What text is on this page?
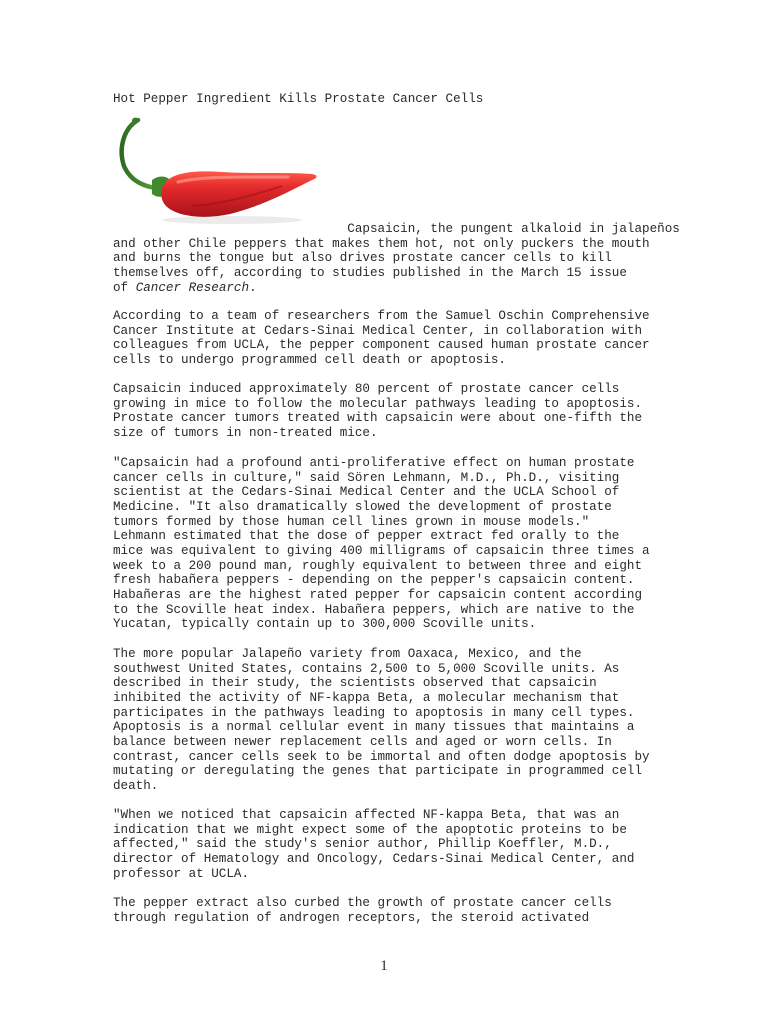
Hot Pepper Ingredient Kills Prostate Cancer Cells
Capsaicin, the pungent alkaloid in jalapeños
and other Chile peppers that makes them hot, not only puckers the mouth
and burns the tongue but also drives prostate cancer cells to kill
themselves off, according to studies published in the March 15 issue
of Cancer Research.
According to a team of researchers from the Samuel Oschin Comprehensive
Cancer Institute at Cedars-Sinai Medical Center, in collaboration with
colleagues from UCLA, the pepper component caused human prostate cancer
cells to undergo programmed cell death or apoptosis.
Capsaicin induced approximately 80 percent of prostate cancer cells
growing in mice to follow the molecular pathways leading to apoptosis.
Prostate cancer tumors treated with capsaicin were about one-fifth the
size of tumors in non-treated mice.
"Capsaicin had a profound anti-proliferative effect on human prostate
cancer cells in culture," said Sören Lehmann, M.D., Ph.D., visiting
scientist at the Cedars-Sinai Medical Center and the UCLA School of
Medicine. "It also dramatically slowed the development of prostate
tumors formed by those human cell lines grown in mouse models."
Lehmann estimated that the dose of pepper extract fed orally to the
mice was equivalent to giving 400 milligrams of capsaicin three times a
week to a 200 pound man, roughly equivalent to between three and eight
fresh habañera peppers - depending on the pepper's capsaicin content.
Habañeras are the highest rated pepper for capsaicin content according
to the Scoville heat index. Habañera peppers, which are native to the
Yucatan, typically contain up to 300,000 Scoville units.
The more popular Jalapeño variety from Oaxaca, Mexico, and the
southwest United States, contains 2,500 to 5,000 Scoville units. As
described in their study, the scientists observed that capsaicin
inhibited the activity of NF-kappa Beta, a molecular mechanism that
participates in the pathways leading to apoptosis in many cell types.
Apoptosis is a normal cellular event in many tissues that maintains a
balance between newer replacement cells and aged or worn cells. In
contrast, cancer cells seek to be immortal and often dodge apoptosis by
mutating or deregulating the genes that participate in programmed cell
death.
"When we noticed that capsaicin affected NF-kappa Beta, that was an
indication that we might expect some of the apoptotic proteins to be
affected," said the study's senior author, Phillip Koeffler, M.D.,
director of Hematology and Oncology, Cedars-Sinai Medical Center, and
professor at UCLA.
The pepper extract also curbed the growth of prostate cancer cells
through regulation of androgen receptors, the steroid activated
1
